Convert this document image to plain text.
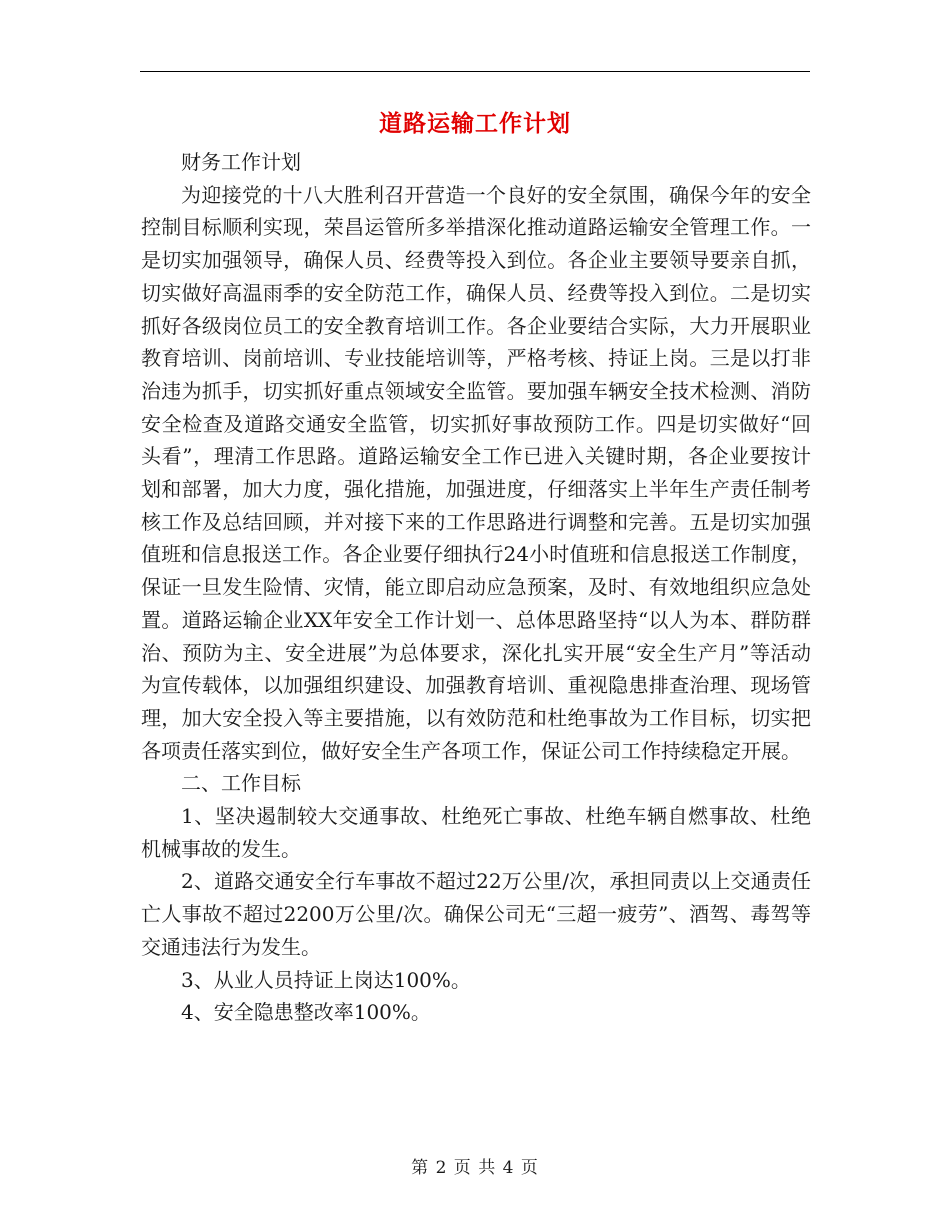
道路运输工作计划

财务工作计划

为迎接党的十八大胜利召开营造一个良好的安全氛围，确保今年的安全控制目标顺利实现，荣昌运管所多举措深化推动道路运输安全管理工作。一是切实加强领导，确保人员、经费等投入到位。各企业主要领导要亲自抓，切实做好高温雨季的安全防范工作，确保人员、经费等投入到位。二是切实抓好各级岗位员工的安全教育培训工作。各企业要结合实际，大力开展职业教育培训、岗前培训、专业技能培训等，严格考核、持证上岗。三是以打非治违为抓手，切实抓好重点领域安全监管。要加强车辆安全技术检测、消防安全检查及道路交通安全监管，切实抓好事故预防工作。四是切实做好“回头看”，理清工作思路。道路运输安全工作已进入关键时期，各企业要按计划和部署，加大力度，强化措施，加强进度，仔细落实上半年生产责任制考核工作及总结回顾，并对接下来的工作思路进行调整和完善。五是切实加强值班和信息报送工作。各企业要仔细执行24小时值班和信息报送工作制度，保证一旦发生险情、灾情，能立即启动应急预案，及时、有效地组织应急处置。道路运输企业XX年安全工作计划一、总体思路坚持“以人为本、群防群治、预防为主、安全进展”为总体要求，深化扎实开展“安全生产月”等活动为宣传载体，以加强组织建设、加强教育培训、重视隐患排查治理、现场管理，加大安全投入等主要措施，以有效防范和杜绝事故为工作目标，切实把各项责任落实到位，做好安全生产各项工作，保证公司工作持续稳定开展。

二、工作目标

1、坚决遏制较大交通事故、杜绝死亡事故、杜绝车辆自燃事故、杜绝机械事故的发生。

2、道路交通安全行车事故不超过22万公里/次，承担同责以上交通责任亡人事故不超过2200万公里/次。确保公司无“三超一疲劳”、酒驾、毒驾等交通违法行为发生。

3、从业人员持证上岗达100%。

4、安全隐患整改率100%。

第 2 页 共 4 页
